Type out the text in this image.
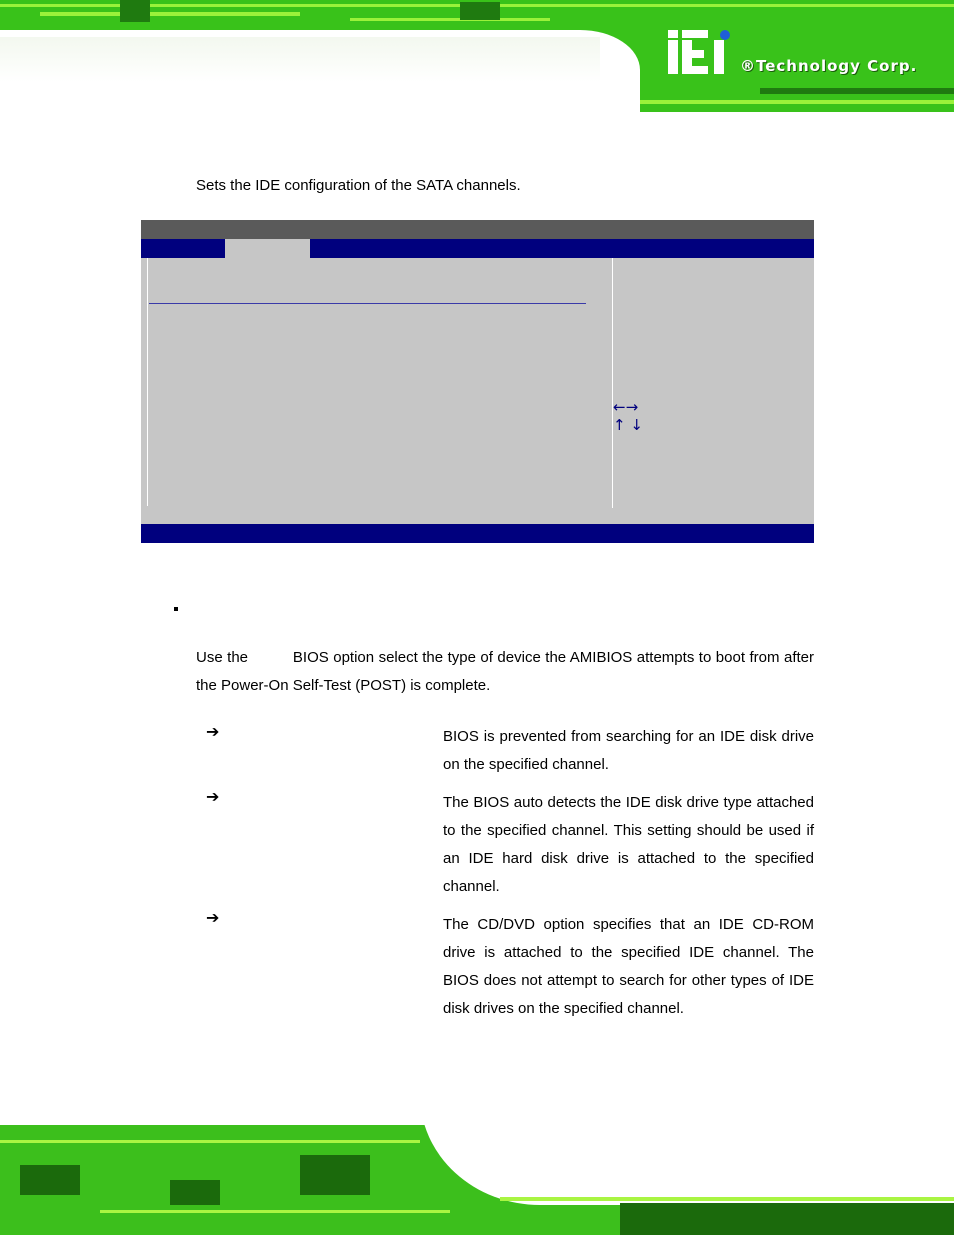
®Technology Corp.
Sets the IDE configuration of the SATA channels.
←→
↑ ↓
Use the          BIOS option select the type of device the AMIBIOS attempts to boot from after the Power-On Self-Test (POST) is complete.
➔	BIOS is prevented from searching for an IDE disk drive on the specified channel.
➔	The BIOS auto detects the IDE disk drive type attached to the specified channel. This setting should be used if an IDE hard disk drive is attached to the specified channel.
➔	The CD/DVD option specifies that an IDE CD-ROM drive is attached to the specified IDE channel. The BIOS does not attempt to search for other types of IDE disk drives on the specified channel.
